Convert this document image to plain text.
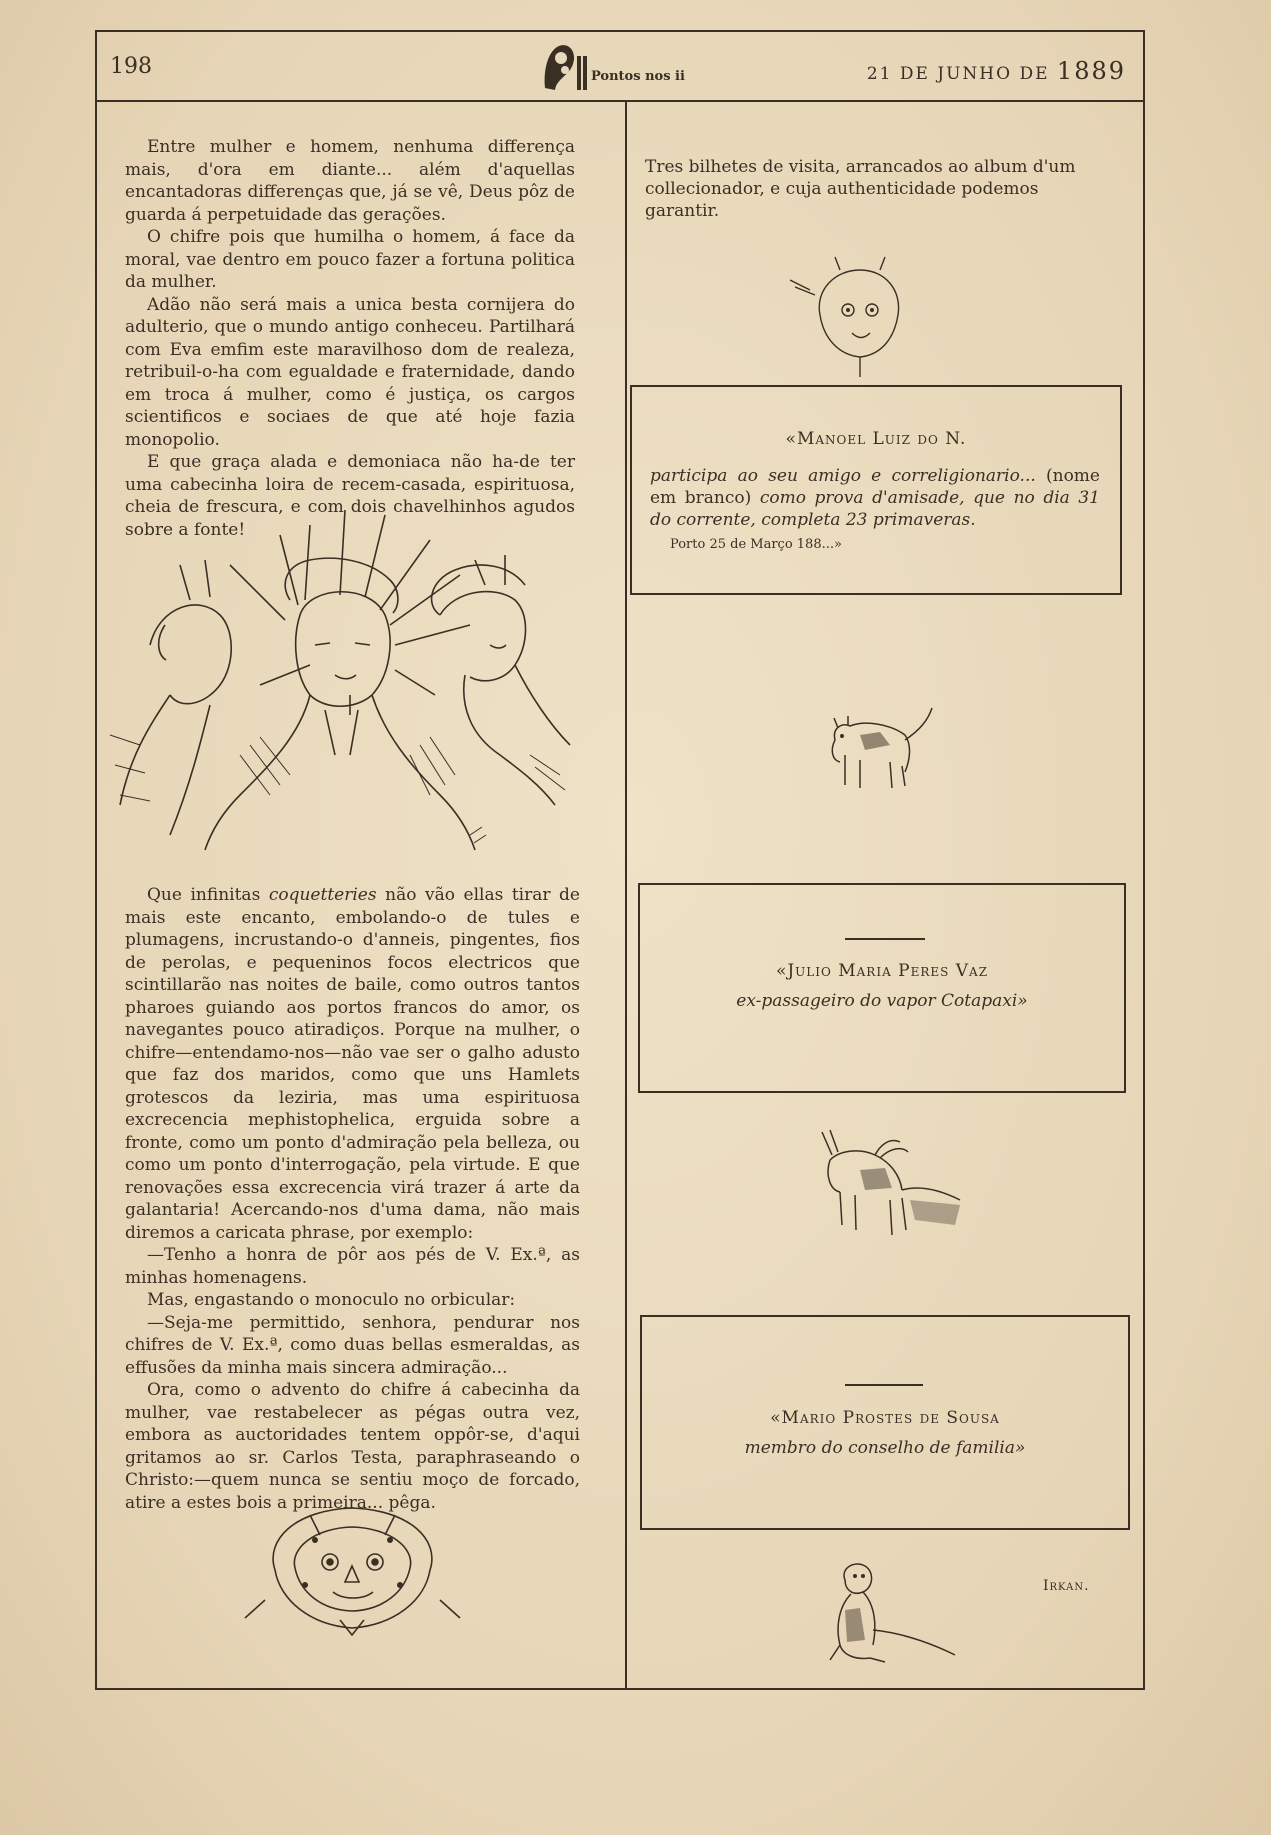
198	Pontos nos ii	21 DE JUNHO DE 1889

Entre mulher e homem, nenhuma differença mais, d'ora em diante... além d'aquellas encantadoras differenças que, já se vê, Deus pôz de guarda á perpetuidade das gerações.

O chifre pois que humilha o homem, á face da moral, vae dentro em pouco fazer a fortuna politica da mulher.

Adão não será mais a unica besta cornijera do adulterio, que o mundo antigo conheceu. Partilhará com Eva emfim este maravilhoso dom de realeza, retribuil-o-ha com egualdade e fraternidade, dando em troca á mulher, como é justiça, os cargos scientificos e sociaes de que até hoje fazia monopolio.

E que graça alada e demoniaca não ha-de ter uma cabecinha loira de recem-casada, espirituosa, cheia de frescura, e com dois chavelhinhos agudos sobre a fonte!

Que infinitas coquetteries não vão ellas tirar de mais este encanto, embolando-o de tules e plumagens, incrustando-o d'anneis, pingentes, fios de perolas, e pequeninos focos electricos que scintillarão nas noites de baile, como outros tantos pharoes guiando aos portos francos do amor, os navegantes pouco atiradiços. Porque na mulher, o chifre—entendamo-nos—não vae ser o galho adusto que faz dos maridos, como que uns Hamlets grotescos da leziria, mas uma espirituosa excrecencia mephistophelica, erguida sobre a fronte, como um ponto d'admiração pela belleza, ou como um ponto d'interrogação, pela virtude. E que renovações essa excrecencia virá trazer á arte da galantaria! Acercando-nos d'uma dama, não mais diremos a caricata phrase, por exemplo:

—Tenho a honra de pôr aos pés de V. Ex.ª, as minhas homenagens.

Mas, engastando o monoculo no orbicular:

—Seja-me permittido, senhora, pendurar nos chifres de V. Ex.ª, como duas bellas esmeraldas, as effusões da minha mais sincera admiração...

Ora, como o advento do chifre á cabecinha da mulher, vae restabelecer as pégas outra vez, embora as auctoridades tentem oppôr-se, d'aqui gritamos ao sr. Carlos Testa, paraphraseando o Christo:—quem nunca se sentiu moço de forcado, atire a estes bois a primeira... pêga.

Tres bilhetes de visita, arrancados ao album d'um collecionador, e cuja authenticidade podemos garantir.
«Manoel Luiz do N.
participa ao seu amigo e correligionario... (nome em branco) como prova d'amisade, que no dia 31 do corrente, completa 23 primaveras.
Porto 25 de Março 188...»
«Julio Maria Peres Vaz
ex-passageiro do vapor Cotapaxi»
«Mario Prostes de Sousa
membro do conselho de familia»
Irkan.
